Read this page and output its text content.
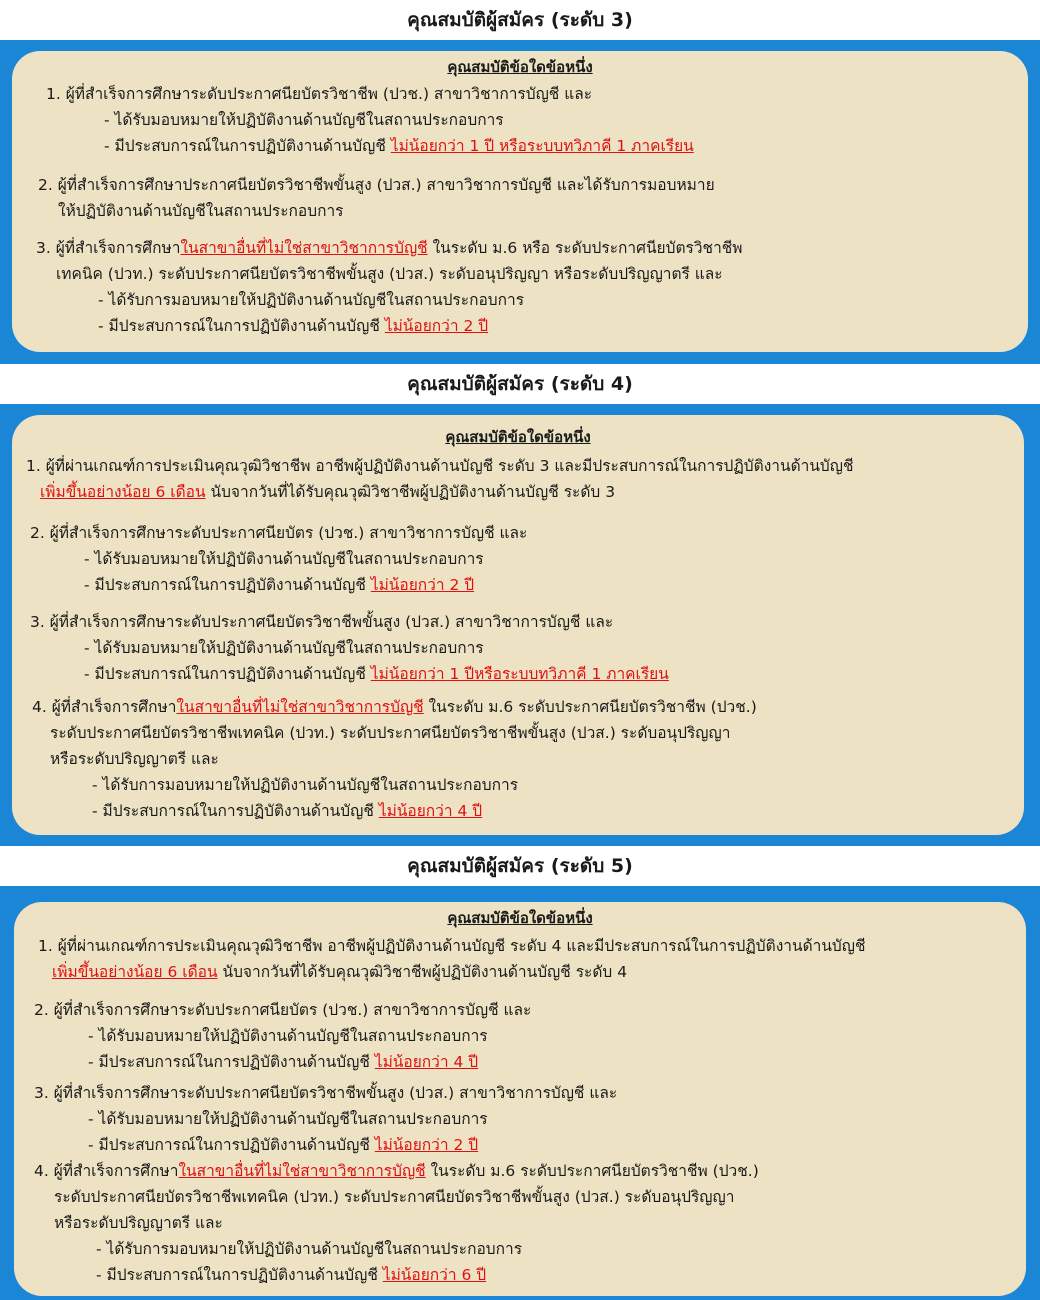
คุณสมบัติผู้สมัคร (ระดับ 3)
คุณสมบัติข้อใดข้อหนึ่ง
1. ผู้ที่สำเร็จการศึกษาระดับประกาศนียบัตรวิชาชีพ (ปวช.) สาขาวิชาการบัญชี และ
- ได้รับมอบหมายให้ปฏิบัติงานด้านบัญชีในสถานประกอบการ
- มีประสบการณ์ในการปฏิบัติงานด้านบัญชี ไม่น้อยกว่า 1 ปี หรือระบบทวิภาคี 1 ภาคเรียน
2. ผู้ที่สำเร็จการศึกษาประกาศนียบัตรวิชาชีพขั้นสูง (ปวส.) สาขาวิชาการบัญชี และได้รับการมอบหมาย
ให้ปฏิบัติงานด้านบัญชีในสถานประกอบการ
3. ผู้ที่สำเร็จการศึกษาในสาขาอื่นที่ไม่ใช่สาขาวิชาการบัญชี ในระดับ ม.6 หรือ ระดับประกาศนียบัตรวิชาชีพ
เทคนิค (ปวท.) ระดับประกาศนียบัตรวิชาชีพขั้นสูง (ปวส.) ระดับอนุปริญญา หรือระดับปริญญาตรี และ
- ได้รับการมอบหมายให้ปฏิบัติงานด้านบัญชีในสถานประกอบการ
- มีประสบการณ์ในการปฏิบัติงานด้านบัญชี ไม่น้อยกว่า 2 ปี
คุณสมบัติผู้สมัคร (ระดับ 4)
คุณสมบัติข้อใดข้อหนึ่ง
1. ผู้ที่ผ่านเกณฑ์การประเมินคุณวุฒิวิชาชีพ อาชีพผู้ปฏิบัติงานด้านบัญชี ระดับ 3 และมีประสบการณ์ในการปฏิบัติงานด้านบัญชี
เพิ่มขึ้นอย่างน้อย 6 เดือน นับจากวันที่ได้รับคุณวุฒิวิชาชีพผู้ปฏิบัติงานด้านบัญชี ระดับ 3
2. ผู้ที่สำเร็จการศึกษาระดับประกาศนียบัตร (ปวช.) สาขาวิชาการบัญชี และ
- ได้รับมอบหมายให้ปฏิบัติงานด้านบัญชีในสถานประกอบการ
- มีประสบการณ์ในการปฏิบัติงานด้านบัญชี ไม่น้อยกว่า 2 ปี
3. ผู้ที่สำเร็จการศึกษาระดับประกาศนียบัตรวิชาชีพขั้นสูง (ปวส.) สาขาวิชาการบัญชี และ
- ได้รับมอบหมายให้ปฏิบัติงานด้านบัญชีในสถานประกอบการ
- มีประสบการณ์ในการปฏิบัติงานด้านบัญชี ไม่น้อยกว่า 1 ปีหรือระบบทวิภาคี 1 ภาคเรียน
4. ผู้ที่สำเร็จการศึกษาในสาขาอื่นที่ไม่ใช่สาขาวิชาการบัญชี ในระดับ ม.6 ระดับประกาศนียบัตรวิชาชีพ (ปวช.)
ระดับประกาศนียบัตรวิชาชีพเทคนิค (ปวท.) ระดับประกาศนียบัตรวิชาชีพขั้นสูง (ปวส.) ระดับอนุปริญญา
หรือระดับปริญญาตรี และ
- ได้รับการมอบหมายให้ปฏิบัติงานด้านบัญชีในสถานประกอบการ
- มีประสบการณ์ในการปฏิบัติงานด้านบัญชี ไม่น้อยกว่า 4 ปี
คุณสมบัติผู้สมัคร (ระดับ 5)
คุณสมบัติข้อใดข้อหนึ่ง
1. ผู้ที่ผ่านเกณฑ์การประเมินคุณวุฒิวิชาชีพ อาชีพผู้ปฏิบัติงานด้านบัญชี ระดับ 4 และมีประสบการณ์ในการปฏิบัติงานด้านบัญชี
เพิ่มขึ้นอย่างน้อย 6 เดือน นับจากวันที่ได้รับคุณวุฒิวิชาชีพผู้ปฏิบัติงานด้านบัญชี ระดับ 4
2. ผู้ที่สำเร็จการศึกษาระดับประกาศนียบัตร (ปวช.) สาขาวิชาการบัญชี และ
- ได้รับมอบหมายให้ปฏิบัติงานด้านบัญชีในสถานประกอบการ
- มีประสบการณ์ในการปฏิบัติงานด้านบัญชี ไม่น้อยกว่า 4 ปี
3. ผู้ที่สำเร็จการศึกษาระดับประกาศนียบัตรวิชาชีพขั้นสูง (ปวส.) สาขาวิชาการบัญชี และ
- ได้รับมอบหมายให้ปฏิบัติงานด้านบัญชีในสถานประกอบการ
- มีประสบการณ์ในการปฏิบัติงานด้านบัญชี ไม่น้อยกว่า 2 ปี
4. ผู้ที่สำเร็จการศึกษาในสาขาอื่นที่ไม่ใช่สาขาวิชาการบัญชี ในระดับ ม.6 ระดับประกาศนียบัตรวิชาชีพ (ปวช.)
ระดับประกาศนียบัตรวิชาชีพเทคนิค (ปวท.) ระดับประกาศนียบัตรวิชาชีพขั้นสูง (ปวส.) ระดับอนุปริญญา
หรือระดับปริญญาตรี และ
- ได้รับการมอบหมายให้ปฏิบัติงานด้านบัญชีในสถานประกอบการ
- มีประสบการณ์ในการปฏิบัติงานด้านบัญชี ไม่น้อยกว่า 6 ปี
